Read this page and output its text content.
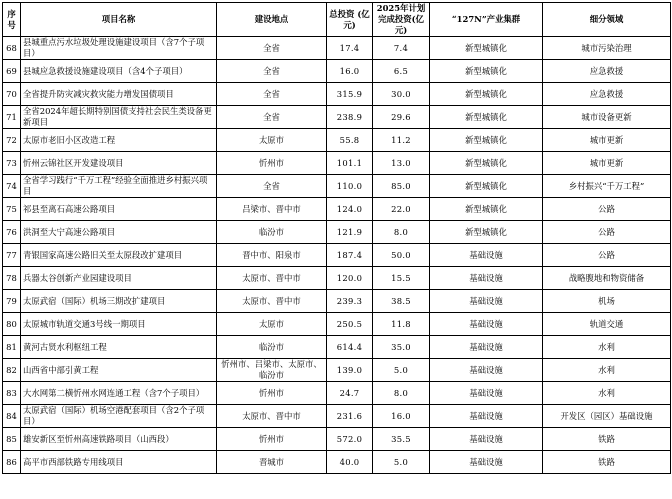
序号	项目名称	建设地点	总投资 (亿元)	2025年计划完成投资(亿元)	“127N”产业集群	细分领域
68	县城重点污水垃圾处理设施建设项目（含7个子项目）	全省	17.4	7.4	新型城镇化	城市污染治理
69	县城应急救援设施建设项目（含4个子项目）	全省	16.0	6.5	新型城镇化	应急救援
70	全省提升防灾减灾救灾能力增发国债项目	全省	315.9	30.0	新型城镇化	应急救援
71	全省2024年超长期特别国债支持社会民生类设备更新项目	全省	238.9	29.6	新型城镇化	城市设备更新
72	太原市老旧小区改造工程	太原市	55.8	11.2	新型城镇化	城市更新
73	忻州云锦社区开发建设项目	忻州市	101.1	13.0	新型城镇化	城市更新
74	全省学习践行“千万工程”经验全面推进乡村振兴项目	全省	110.0	85.0	新型城镇化	乡村振兴“千万工程”
75	祁县至离石高速公路项目	吕梁市、晋中市	124.0	22.0	新型城镇化	公路
76	洪洞至大宁高速公路项目	临汾市	121.9	8.0	新型城镇化	公路
77	青银国家高速公路旧关至太原段改扩建项目	晋中市、阳泉市	187.4	50.0	基础设施	公路
78	兵器太谷创新产业园建设项目	太原市、晋中市	120.0	15.5	基础设施	战略腹地和物资储备
79	太原武宿（国际）机场三期改扩建项目	太原市、晋中市	239.3	38.5	基础设施	机场
80	太原城市轨道交通3号线一期项目	太原市	250.5	11.8	基础设施	轨道交通
81	黄河古贤水利枢纽工程	临汾市	614.4	35.0	基础设施	水利
82	山西省中部引黄工程	忻州市、吕梁市、太原市、临汾市	139.0	5.0	基础设施	水利
83	大水网第二横忻州水网连通工程（含7个子项目）	忻州市	24.7	8.0	基础设施	水利
84	太原武宿（国际）机场空港配套项目（含2个子项目）	太原市、晋中市	231.6	16.0	基础设施	开发区（园区）基础设施
85	雄安新区至忻州高速铁路项目（山西段）	忻州市	572.0	35.5	基础设施	铁路
86	高平市西部铁路专用线项目	晋城市	40.0	5.0	基础设施	铁路
